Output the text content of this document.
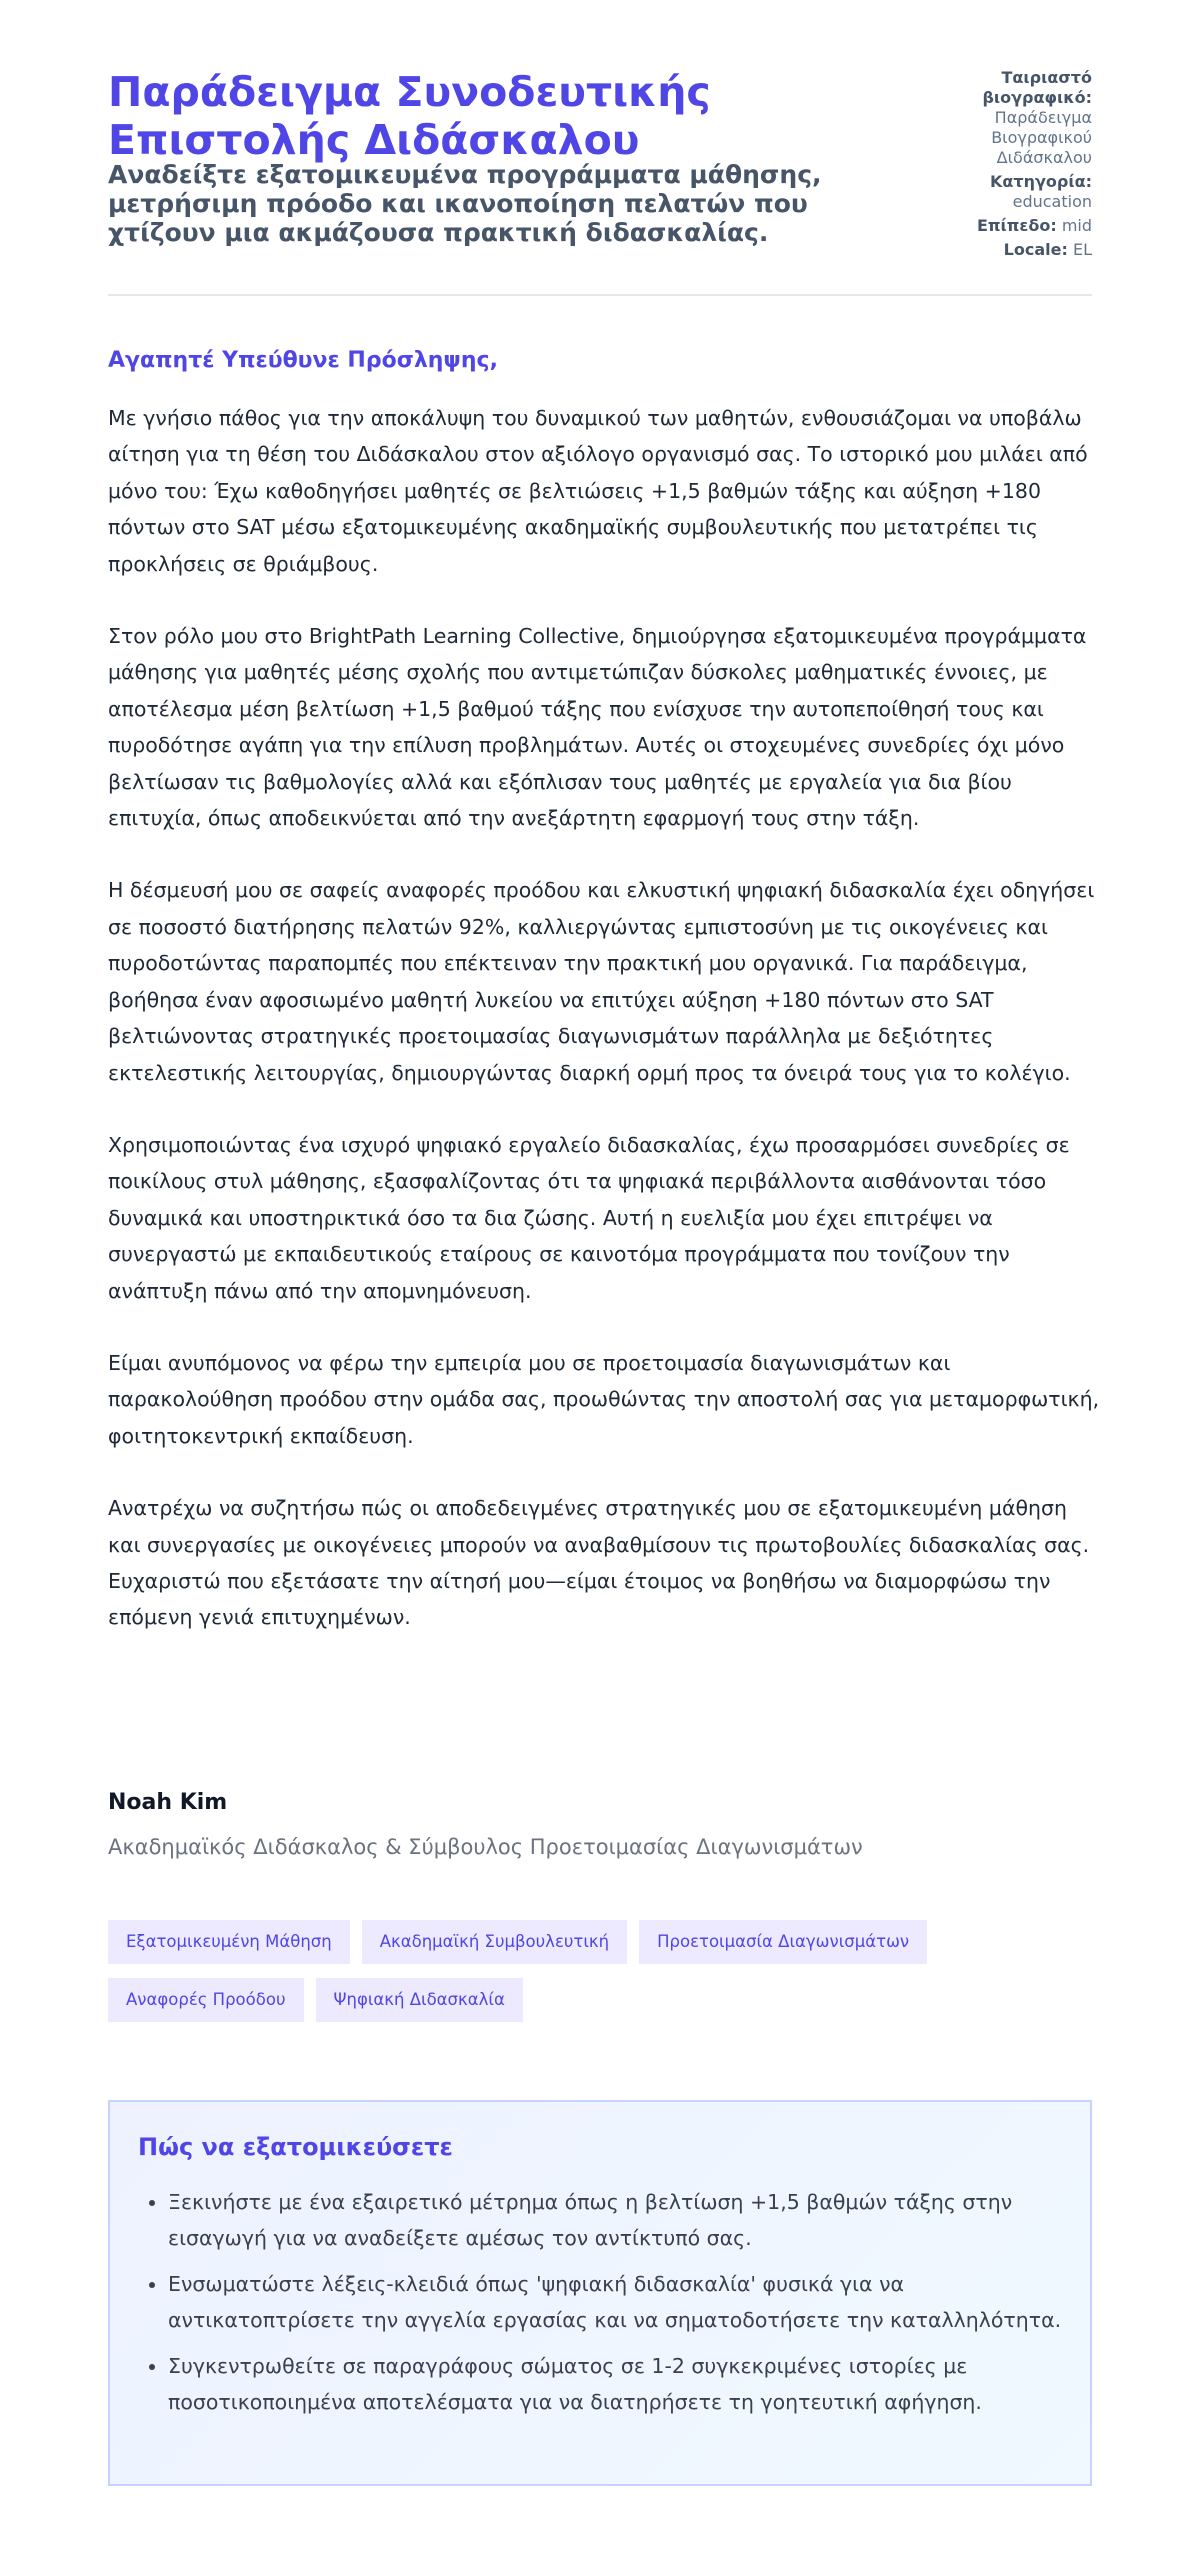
Παράδειγμα Συνοδευτικής Επιστολής Διδάσκαλου
Αναδείξτε εξατομικευμένα προγράμματα μάθησης, μετρήσιμη πρόοδο και ικανοποίηση πελατών που χτίζουν μια ακμάζουσα πρακτική διδασκαλίας.
Ταιριαστό βιογραφικό:
Παράδειγμα Βιογραφικού Διδάσκαλου
Κατηγορία:
education
Επίπεδο: mid
Locale: EL

Αγαπητέ Υπεύθυνε Πρόσληψης,

Με γνήσιο πάθος για την αποκάλυψη του δυναμικού των μαθητών, ενθουσιάζομαι να υποβάλω αίτηση για τη θέση του Διδάσκαλου στον αξιόλογο οργανισμό σας. Το ιστορικό μου μιλάει από μόνο του: Έχω καθοδηγήσει μαθητές σε βελτιώσεις +1,5 βαθμών τάξης και αύξηση +180 πόντων στο SAT μέσω εξατομικευμένης ακαδημαϊκής συμβουλευτικής που μετατρέπει τις προκλήσεις σε θριάμβους.

Στον ρόλο μου στο BrightPath Learning Collective, δημιούργησα εξατομικευμένα προγράμματα μάθησης για μαθητές μέσης σχολής που αντιμετώπιζαν δύσκολες μαθηματικές έννοιες, με αποτέλεσμα μέση βελτίωση +1,5 βαθμού τάξης που ενίσχυσε την αυτοπεποίθησή τους και πυροδότησε αγάπη για την επίλυση προβλημάτων. Αυτές οι στοχευμένες συνεδρίες όχι μόνο βελτίωσαν τις βαθμολογίες αλλά και εξόπλισαν τους μαθητές με εργαλεία για δια βίου επιτυχία, όπως αποδεικνύεται από την ανεξάρτητη εφαρμογή τους στην τάξη.

Η δέσμευσή μου σε σαφείς αναφορές προόδου και ελκυστική ψηφιακή διδασκαλία έχει οδηγήσει σε ποσοστό διατήρησης πελατών 92%, καλλιεργώντας εμπιστοσύνη με τις οικογένειες και πυροδοτώντας παραπομπές που επέκτειναν την πρακτική μου οργανικά. Για παράδειγμα, βοήθησα έναν αφοσιωμένο μαθητή λυκείου να επιτύχει αύξηση +180 πόντων στο SAT βελτιώνοντας στρατηγικές προετοιμασίας διαγωνισμάτων παράλληλα με δεξιότητες εκτελεστικής λειτουργίας, δημιουργώντας διαρκή ορμή προς τα όνειρά τους για το κολέγιο.

Χρησιμοποιώντας ένα ισχυρό ψηφιακό εργαλείο διδασκαλίας, έχω προσαρμόσει συνεδρίες σε ποικίλους στυλ μάθησης, εξασφαλίζοντας ότι τα ψηφιακά περιβάλλοντα αισθάνονται τόσο δυναμικά και υποστηρικτικά όσο τα δια ζώσης. Αυτή η ευελιξία μου έχει επιτρέψει να συνεργαστώ με εκπαιδευτικούς εταίρους σε καινοτόμα προγράμματα που τονίζουν την ανάπτυξη πάνω από την απομνημόνευση.

Είμαι ανυπόμονος να φέρω την εμπειρία μου σε προετοιμασία διαγωνισμάτων και παρακολούθηση προόδου στην ομάδα σας, προωθώντας την αποστολή σας για μεταμορφωτική, φοιτητοκεντρική εκπαίδευση.

Ανατρέχω να συζητήσω πώς οι αποδεδειγμένες στρατηγικές μου σε εξατομικευμένη μάθηση και συνεργασίες με οικογένειες μπορούν να αναβαθμίσουν τις πρωτοβουλίες διδασκαλίας σας. Ευχαριστώ που εξετάσατε την αίτησή μου—είμαι έτοιμος να βοηθήσω να διαμορφώσω την επόμενη γενιά επιτυχημένων.

Noah Kim
Ακαδημαϊκός Διδάσκαλος & Σύμβουλος Προετοιμασίας Διαγωνισμάτων
Εξατομικευμένη Μάθηση	Ακαδημαϊκή Συμβουλευτική	Προετοιμασία Διαγωνισμάτων
Αναφορές Προόδου	Ψηφιακή Διδασκαλία
Πώς να εξατομικεύσετε
• Ξεκινήστε με ένα εξαιρετικό μέτρημα όπως η βελτίωση +1,5 βαθμών τάξης στην εισαγωγή για να αναδείξετε αμέσως τον αντίκτυπό σας.
• Ενσωματώστε λέξεις-κλειδιά όπως 'ψηφιακή διδασκαλία' φυσικά για να αντικατοπτρίσετε την αγγελία εργασίας και να σηματοδοτήσετε την καταλληλότητα.
• Συγκεντρωθείτε σε παραγράφους σώματος σε 1-2 συγκεκριμένες ιστορίες με ποσοτικοποιημένα αποτελέσματα για να διατηρήσετε τη γοητευτική αφήγηση.
